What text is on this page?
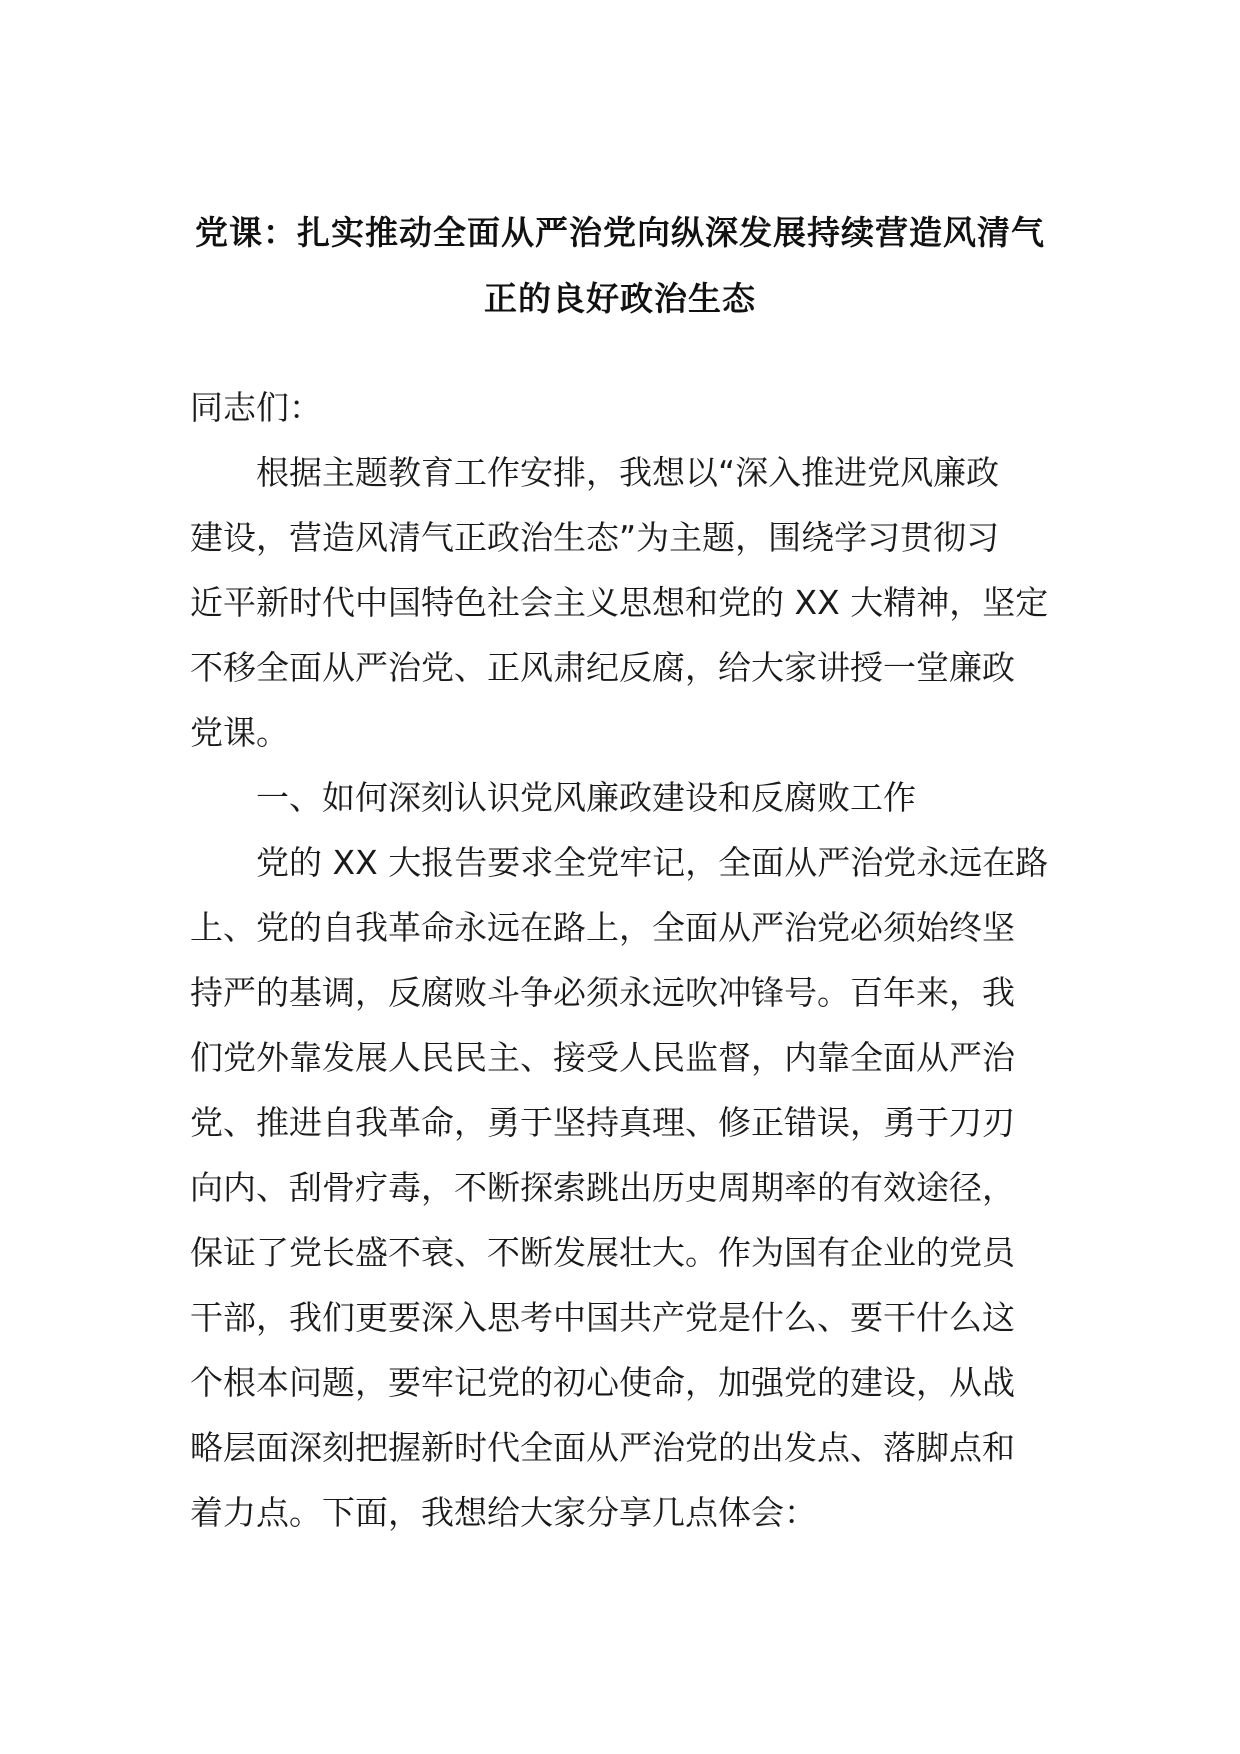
党课：扎实推动全面从严治党向纵深发展持续营造风清气
正的良好政治生态

同志们：

根据主题教育工作安排，我想以“深入推进党风廉政
建设，营造风清气正政治生态”为主题，围绕学习贯彻习
近平新时代中国特色社会主义思想和党的 XX 大精神，坚定
不移全面从严治党、正风肃纪反腐，给大家讲授一堂廉政
党课。

一、如何深刻认识党风廉政建设和反腐败工作

党的 XX 大报告要求全党牢记，全面从严治党永远在路
上、党的自我革命永远在路上，全面从严治党必须始终坚
持严的基调，反腐败斗争必须永远吹冲锋号。百年来，我
们党外靠发展人民民主、接受人民监督，内靠全面从严治
党、推进自我革命，勇于坚持真理、修正错误，勇于刀刃
向内、刮骨疗毒，不断探索跳出历史周期率的有效途径，
保证了党长盛不衰、不断发展壮大。作为国有企业的党员
干部，我们更要深入思考中国共产党是什么、要干什么这
个根本问题，要牢记党的初心使命，加强党的建设，从战
略层面深刻把握新时代全面从严治党的出发点、落脚点和
着力点。下面，我想给大家分享几点体会：
